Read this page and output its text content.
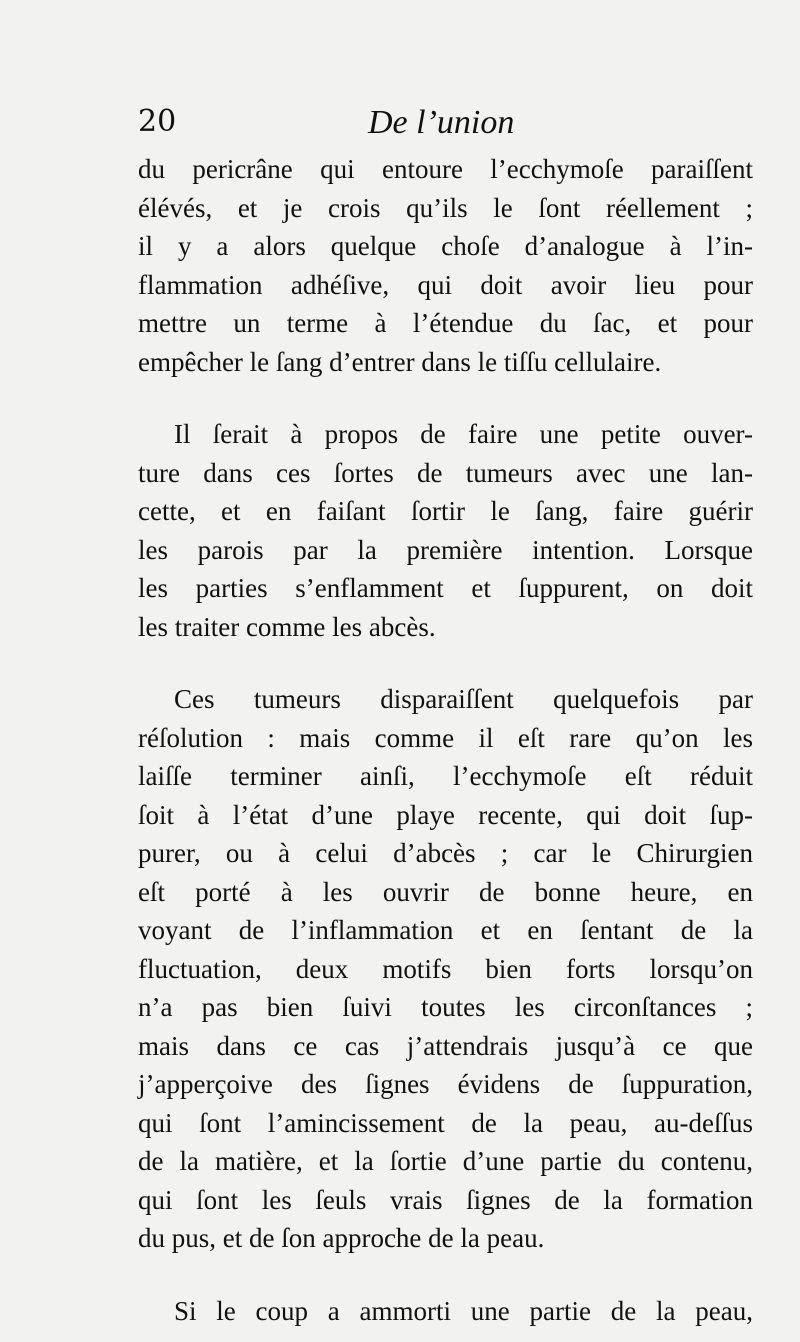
20	De l’union
du pericrâne qui entoure l’ecchymoſe paraiſſent
élévés, et je crois qu’ils le ſont réellement ;
il y a alors quelque choſe d’analogue à l’in-
flammation adhéſive, qui doit avoir lieu pour
mettre un terme à l’étendue du ſac, et pour
empêcher le ſang d’entrer dans le tiſſu cellulaire.
Il ſerait à propos de faire une petite ouver-
ture dans ces ſortes de tumeurs avec une lan-
cette, et en faiſant ſortir le ſang, faire guérir
les parois par la première intention. Lorsque
les parties s’enflamment et ſuppurent, on doit
les traiter comme les abcès.
Ces tumeurs disparaiſſent quelquefois par
réſolution : mais comme il eſt rare qu’on les
laiſſe terminer ainſi, l’ecchymoſe eſt réduit
ſoit à l’état d’une playe recente, qui doit ſup-
purer, ou à celui d’abcès ; car le Chirurgien
eſt porté à les ouvrir de bonne heure, en
voyant de l’inflammation et en ſentant de la
fluctuation, deux motifs bien forts lorsqu’on
n’a pas bien ſuivi toutes les circonſtances ;
mais dans ce cas j’attendrais jusqu’à ce que
j’apperçoive des ſignes évidens de ſuppuration,
qui ſont l’amincissement de la peau, au-deſſus
de la matière, et la ſortie d’une partie du contenu,
qui ſont les ſeuls vrais ſignes de la formation
du pus, et de ſon approche de la peau.
Si le coup a ammorti une partie de la peau,
